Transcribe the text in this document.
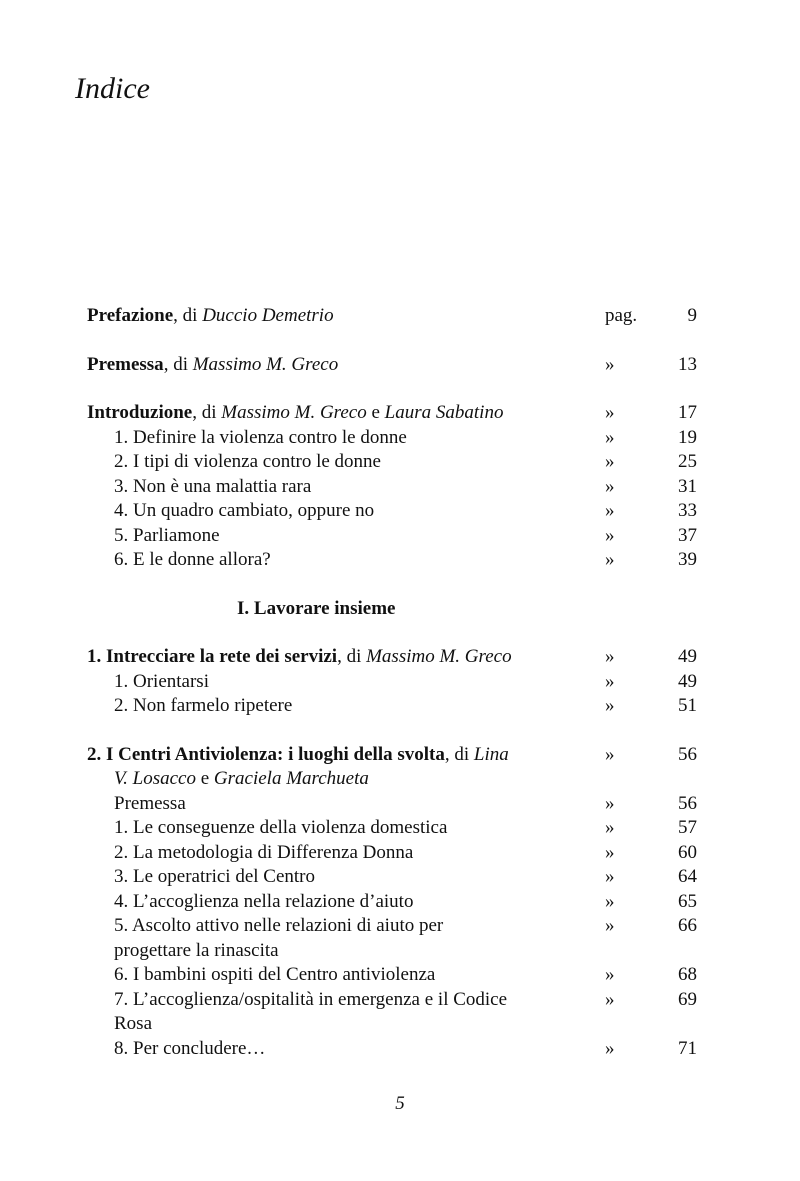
Indice
Prefazione, di Duccio Demetrio	pag.	9
Premessa, di Massimo M. Greco	»	13
Introduzione, di Massimo M. Greco e Laura Sabatino	»	17
1. Definire la violenza contro le donne	»	19
2. I tipi di violenza contro le donne	»	25
3. Non è una malattia rara	»	31
4. Un quadro cambiato, oppure no	»	33
5. Parliamone	»	37
6. E le donne allora?	»	39
I. Lavorare insieme
1. Intrecciare la rete dei servizi, di Massimo M. Greco	»	49
1. Orientarsi	»	49
2. Non farmelo ripetere	»	51
2. I Centri Antiviolenza: i luoghi della svolta, di Lina	»	56
V. Losacco e Graciela Marchueta
Premessa	»	56
1. Le conseguenze della violenza domestica	»	57
2. La metodologia di Differenza Donna	»	60
3. Le operatrici del Centro	»	64
4. L’accoglienza nella relazione d’aiuto	»	65
5. Ascolto attivo nelle relazioni di aiuto per	»	66
progettare la rinascita
6. I bambini ospiti del Centro antiviolenza	»	68
7. L’accoglienza/ospitalità in emergenza e il Codice	»	69
Rosa
8. Per concludere…	»	71
5
